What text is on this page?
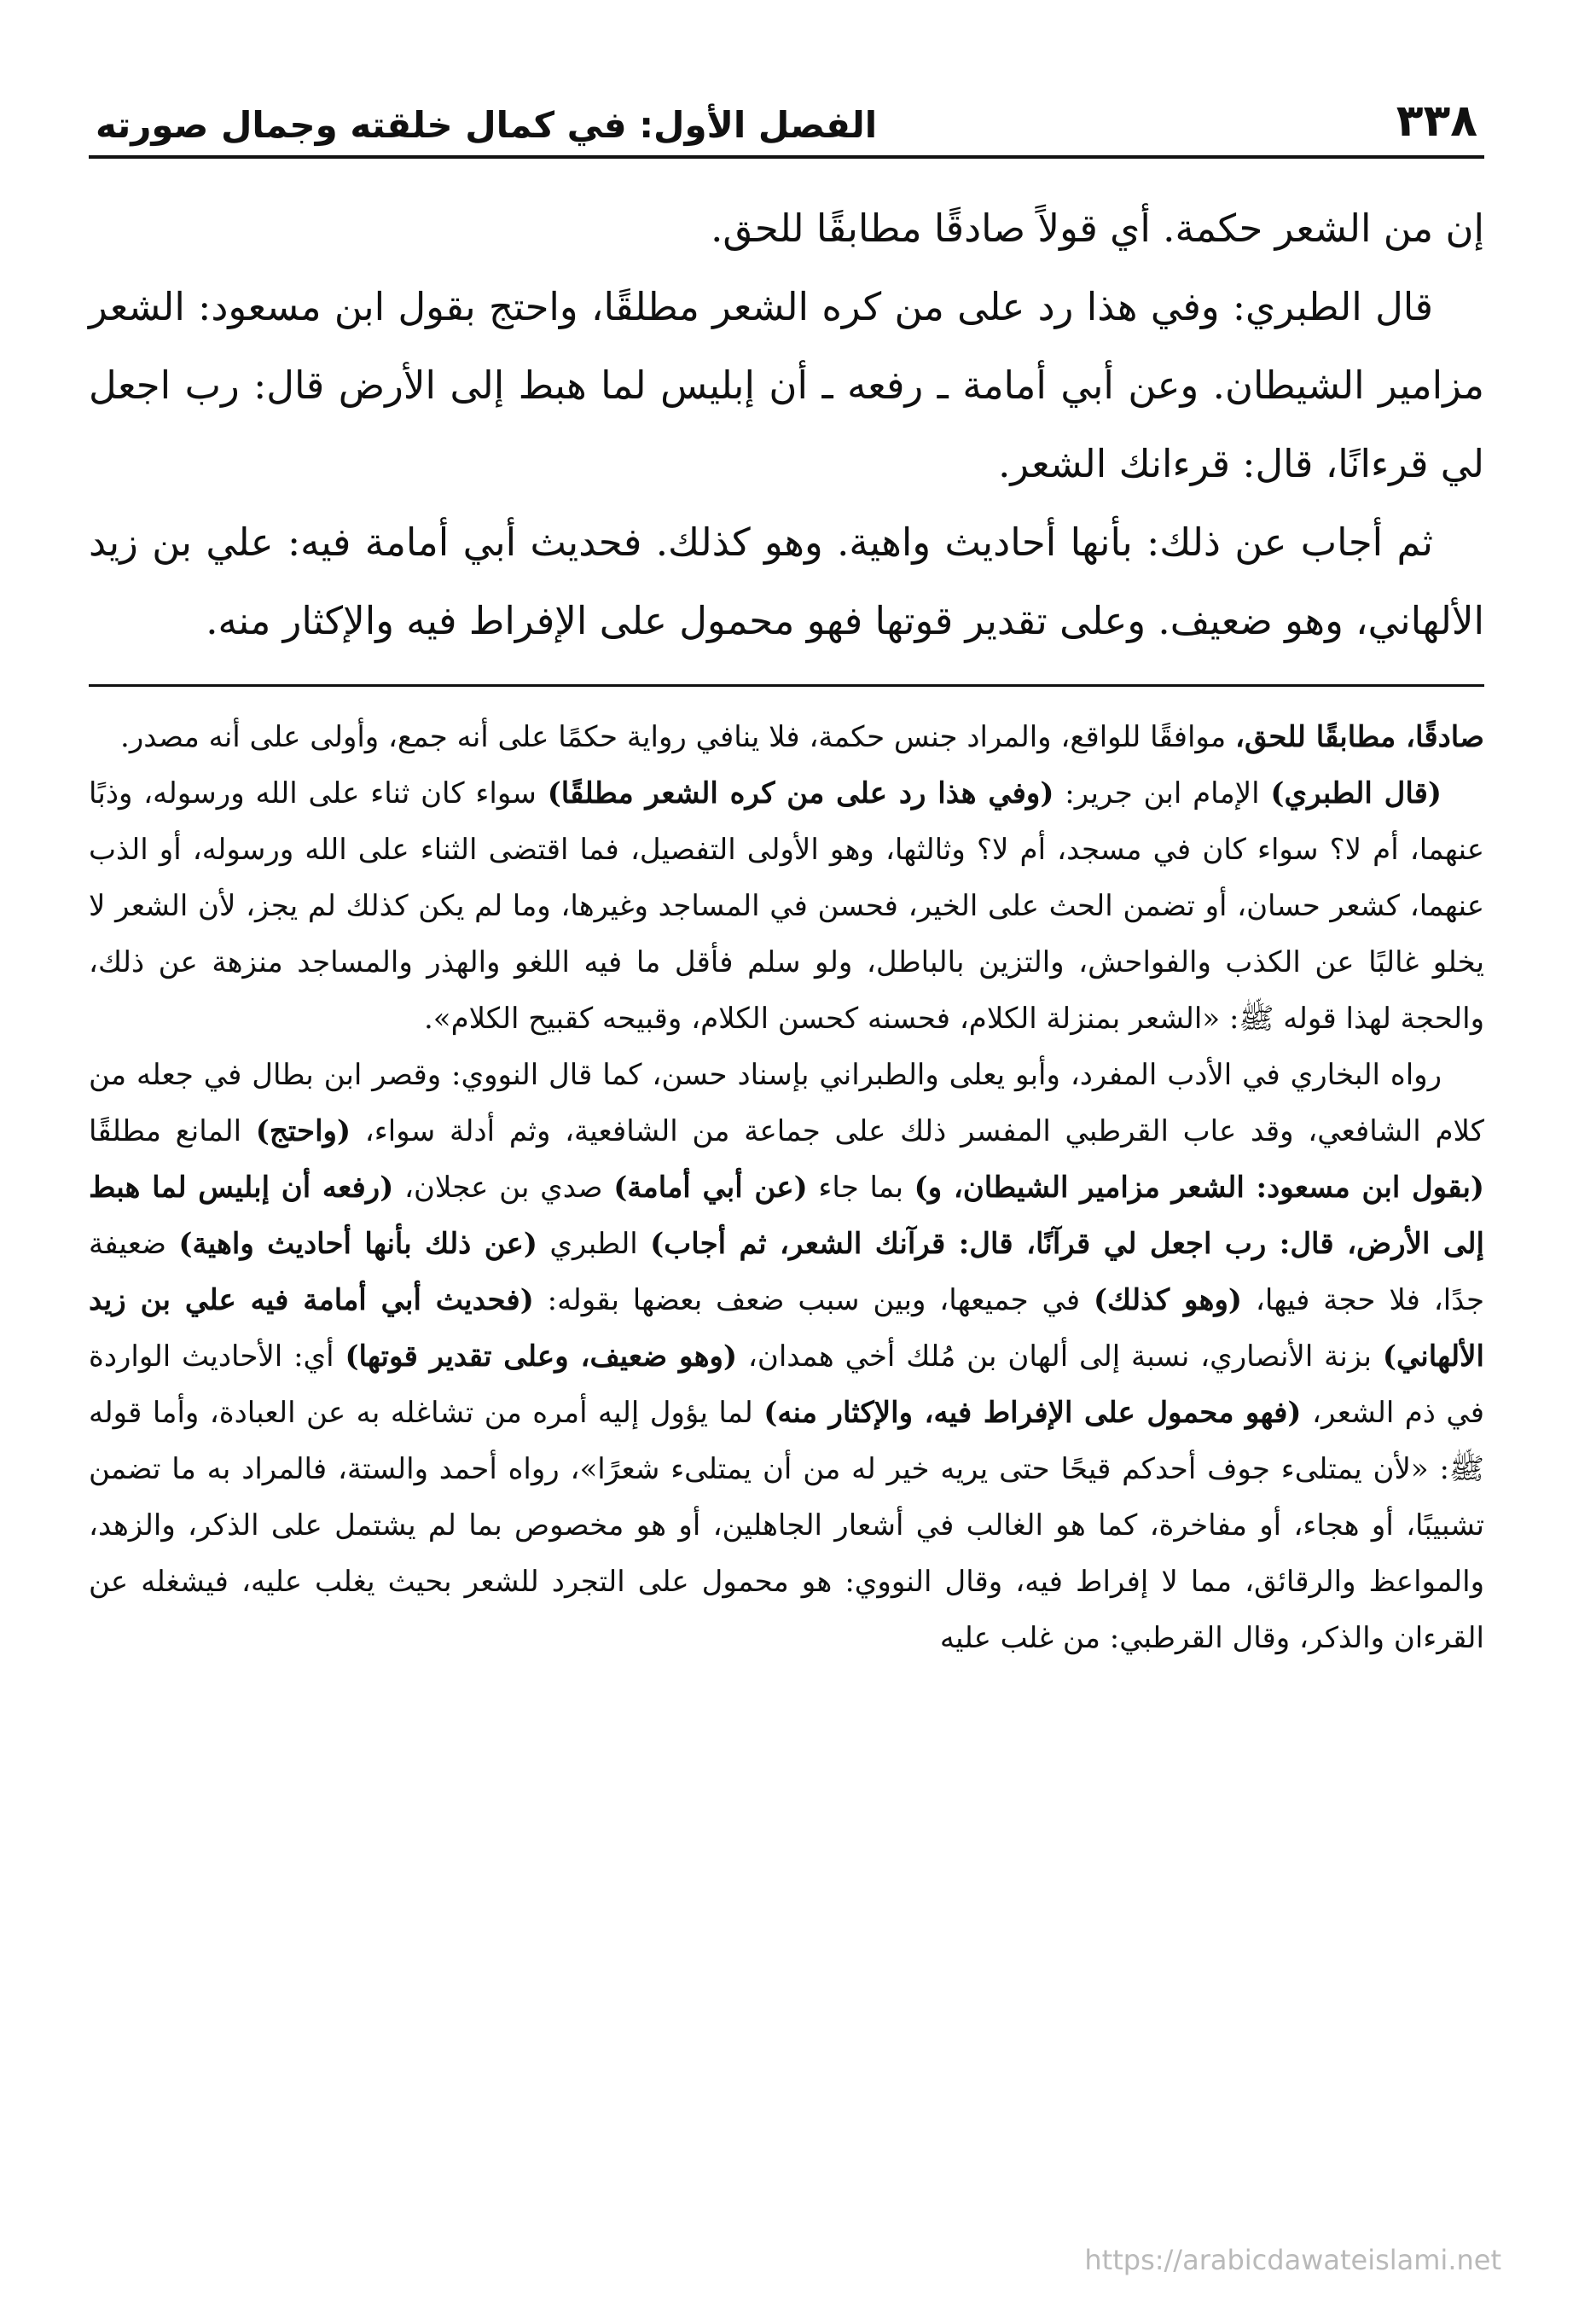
٣٣٨
الفصل الأول: في كمال خلقته وجمال صورته

إن من الشعر حكمة. أي قولاً صادقًا مطابقًا للحق.

قال الطبري: وفي هذا رد على من كره الشعر مطلقًا، واحتج بقول ابن مسعود: الشعر مزامير الشيطان. وعن أبي أمامة ـ رفعه ـ أن إبليس لما هبط إلى الأرض قال: رب اجعل لي قرءانًا، قال: قرءانك الشعر.

ثم أجاب عن ذلك: بأنها أحاديث واهية. وهو كذلك. فحديث أبي أمامة فيه: علي بن زيد الألهاني، وهو ضعيف. وعلى تقدير قوتها فهو محمول على الإفراط فيه والإكثار منه.

صادقًا، مطابقًا للحق، موافقًا للواقع، والمراد جنس حكمة، فلا ينافي رواية حكمًا على أنه جمع، وأولى على أنه مصدر.

(قال الطبري) الإمام ابن جرير: (وفي هذا رد على من كره الشعر مطلقًا) سواء كان ثناء على الله ورسوله، وذبًا عنهما، أم لا؟ سواء كان في مسجد، أم لا؟ وثالثها، وهو الأولى التفصيل، فما اقتضى الثناء على الله ورسوله، أو الذب عنهما، كشعر حسان، أو تضمن الحث على الخير، فحسن في المساجد وغيرها، وما لم يكن كذلك لم يجز، لأن الشعر لا يخلو غالبًا عن الكذب والفواحش، والتزين بالباطل، ولو سلم فأقل ما فيه اللغو والهذر والمساجد منزهة عن ذلك، والحجة لهذا قوله ﷺ: «الشعر بمنزلة الكلام، فحسنه كحسن الكلام، وقبيحه كقبيح الكلام».

رواه البخاري في الأدب المفرد، وأبو يعلى والطبراني بإسناد حسن، كما قال النووي: وقصر ابن بطال في جعله من كلام الشافعي، وقد عاب القرطبي المفسر ذلك على جماعة من الشافعية، وثم أدلة سواء، (واحتج) المانع مطلقًا (بقول ابن مسعود: الشعر مزامير الشيطان، و) بما جاء (عن أبي أمامة) صدي بن عجلان، (رفعه أن إبليس لما هبط إلى الأرض، قال: رب اجعل لي قرآنًا، قال: قرآنك الشعر، ثم أجاب) الطبري (عن ذلك بأنها أحاديث واهية) ضعيفة جدًا، فلا حجة فيها، (وهو كذلك) في جميعها، وبين سبب ضعف بعضها بقوله: (فحديث أبي أمامة فيه علي بن زيد الألهاني) بزنة الأنصاري، نسبة إلى ألهان بن مُلك أخي همدان، (وهو ضعيف، وعلى تقدير قوتها) أي: الأحاديث الواردة في ذم الشعر، (فهو محمول على الإفراط فيه، والإكثار منه) لما يؤول إليه أمره من تشاغله به عن العبادة، وأما قوله ﷺ: «لأن يمتلىء جوف أحدكم قيحًا حتى يريه خير له من أن يمتلىء شعرًا»، رواه أحمد والستة، فالمراد به ما تضمن تشبيبًا، أو هجاء، أو مفاخرة، كما هو الغالب في أشعار الجاهلين، أو هو مخصوص بما لم يشتمل على الذكر، والزهد، والمواعظ والرقائق، مما لا إفراط فيه، وقال النووي: هو محمول على التجرد للشعر بحيث يغلب عليه، فيشغله عن القرءان والذكر، وقال القرطبي: من غلب عليه

https://arabicdawateislami.net
